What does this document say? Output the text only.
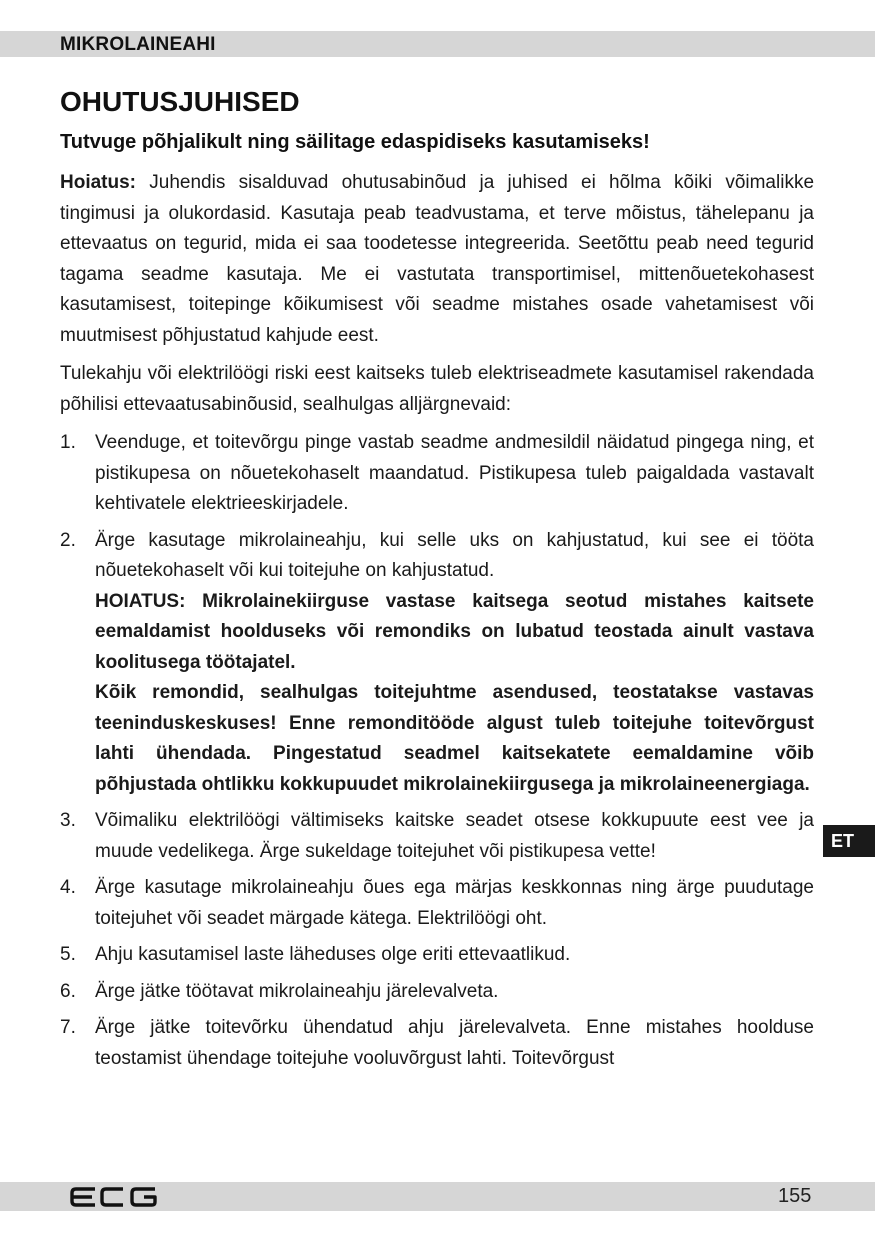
MIKROLAINEAHI
OHUTUSJUHISED
Tutvuge põhjalikult ning säilitage edaspidiseks kasutamiseks!

Hoiatus: Juhendis sisalduvad ohutusabinõud ja juhised ei hõlma kõiki võimalikke tingimusi ja olukordasid. Kasutaja peab teadvustama, et terve mõistus, tähelepanu ja ettevaatus on tegurid, mida ei saa toodetesse integreerida. Seetõttu peab need tegurid tagama seadme kasutaja. Me ei vastutata transportimisel, mittenõuetekohasest kasutamisest, toitepinge kõikumisest või seadme mistahes osade vahetamisest või muutmisest põhjustatud kahjude eest.

Tulekahju või elektrilöögi riski eest kaitseks tuleb elektriseadmete kasutamisel rakendada põhilisi ettevaatusabinõusid, sealhulgas alljärgnevaid:

1. Veenduge, et toitevõrgu pinge vastab seadme andmesildil näidatud pingega ning, et pistikupesa on nõuetekohaselt maandatud. Pistikupesa tuleb paigaldada vastavalt kehtivatele elektrieeskirjadele.
2. Ärge kasutage mikrolaineahju, kui selle uks on kahjustatud, kui see ei tööta nõuetekohaselt või kui toitejuhe on kahjustatud.
HOIATUS: Mikrolainekiirguse vastase kaitsega seotud mistahes kaitsete eemaldamist hoolduseks või remondiks on lubatud teostada ainult vastava koolitusega töötajatel.
Kõik remondid, sealhulgas toitejuhtme asendused, teostatakse vastavas teeninduskeskuses! Enne remonditööde algust tuleb toitejuhe toitevõrgust lahti ühendada. Pingestatud seadmel kaitsekatete eemaldamine võib põhjustada ohtlikku kokkupuudet mikrolainekiirgusega ja mikrolaineenergiaga.
3. Võimaliku elektrilöögi vältimiseks kaitske seadet otsese kokkupuute eest vee ja muude vedelikega. Ärge sukeldage toitejuhet või pistikupesa vette!
4. Ärge kasutage mikrolaineahju õues ega märjas keskkonnas ning ärge puudutage toitejuhet või seadet märgade kätega. Elektrilöögi oht.
5. Ahju kasutamisel laste läheduses olge eriti ettevaatlikud.
6. Ärge jätke töötavat mikrolaineahju järelevalveta.
7. Ärge jätke toitevõrku ühendatud ahju järelevalveta. Enne mistahes hoolduse teostamist ühendage toitejuhe vooluvõrgust lahti. Toitevõrgust
ET
155
